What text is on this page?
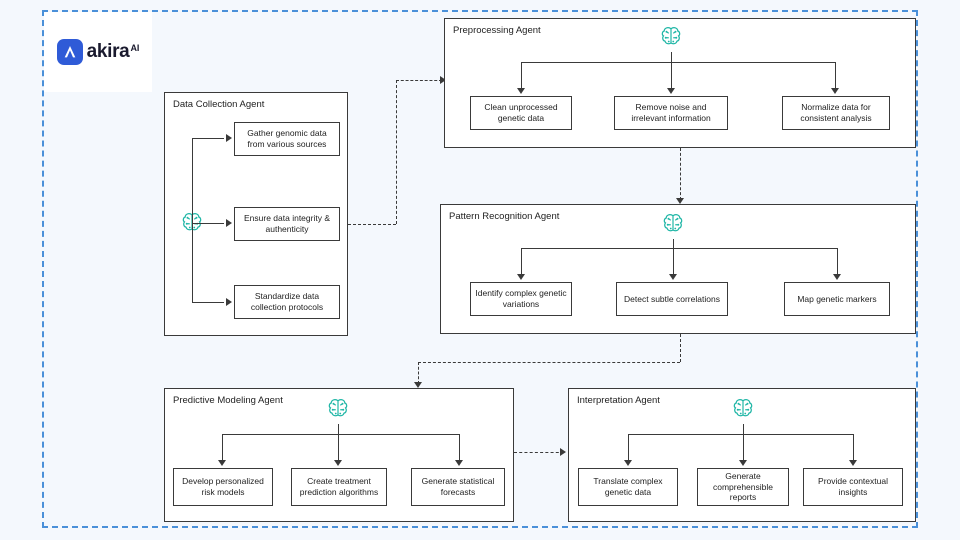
akira$^{AI}$
Data Collection Agent
Gather genomic data from various sources
Ensure data integrity & authenticity
Standardize data collection protocols
Preprocessing Agent
Clean unprocessed genetic data
Remove noise and irrelevant information
Normalize data for consistent analysis
Pattern Recognition Agent
Identify complex genetic variations
Detect subtle correlations	Map genetic markers
Predictive Modeling Agent
Develop personalized risk models
Create treatment prediction algorithms
Generate statistical forecasts
Interpretation Agent
Translate complex genetic data
Generate comprehensible reports
Provide contextual insights
